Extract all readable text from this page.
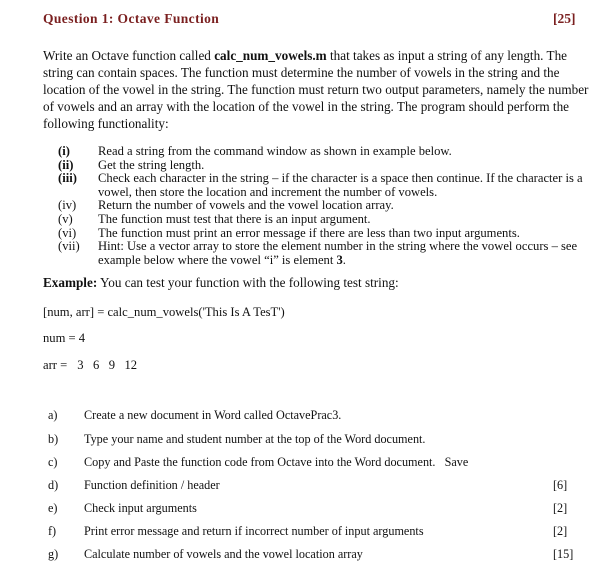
Question 1: Octave Function	[25]
Write an Octave function called calc_num_vowels.m that takes as input a string of any length. The string can contain spaces. The function must determine the number of vowels in the string and the location of the vowel in the string. The function must return two output parameters, namely the number of vowels and an array with the location of the vowel in the string. The program should perform the following functionality:
(i)	Read a string from the command window as shown in example below.
(ii)	Get the string length.
(iii)	Check each character in the string – if the character is a space then continue. If the character is a vowel, then store the location and increment the number of vowels.
(iv)	Return the number of vowels and the vowel location array.
(v)	The function must test that there is an input argument.
(vi)	The function must print an error message if there are less than two input arguments.
(vii)	Hint: Use a vector array to store the element number in the string where the vowel occurs – see example below where the vowel “i” is element 3.
Example: You can test your function with the following test string:
[num, arr] = calc_num_vowels('This Is A TesT')
num = 4
arr = 3   6   9   12
a) Create a new document in Word called OctavePrac3.
b) Type your name and student number at the top of the Word document.
c) Copy and Paste the function code from Octave into the Word document.   Save
d) Function definition / header	[6]
e) Check input arguments	[2]
f) Print error message and return if incorrect number of input arguments	[2]
g) Calculate number of vowels and the vowel location array	[15]
